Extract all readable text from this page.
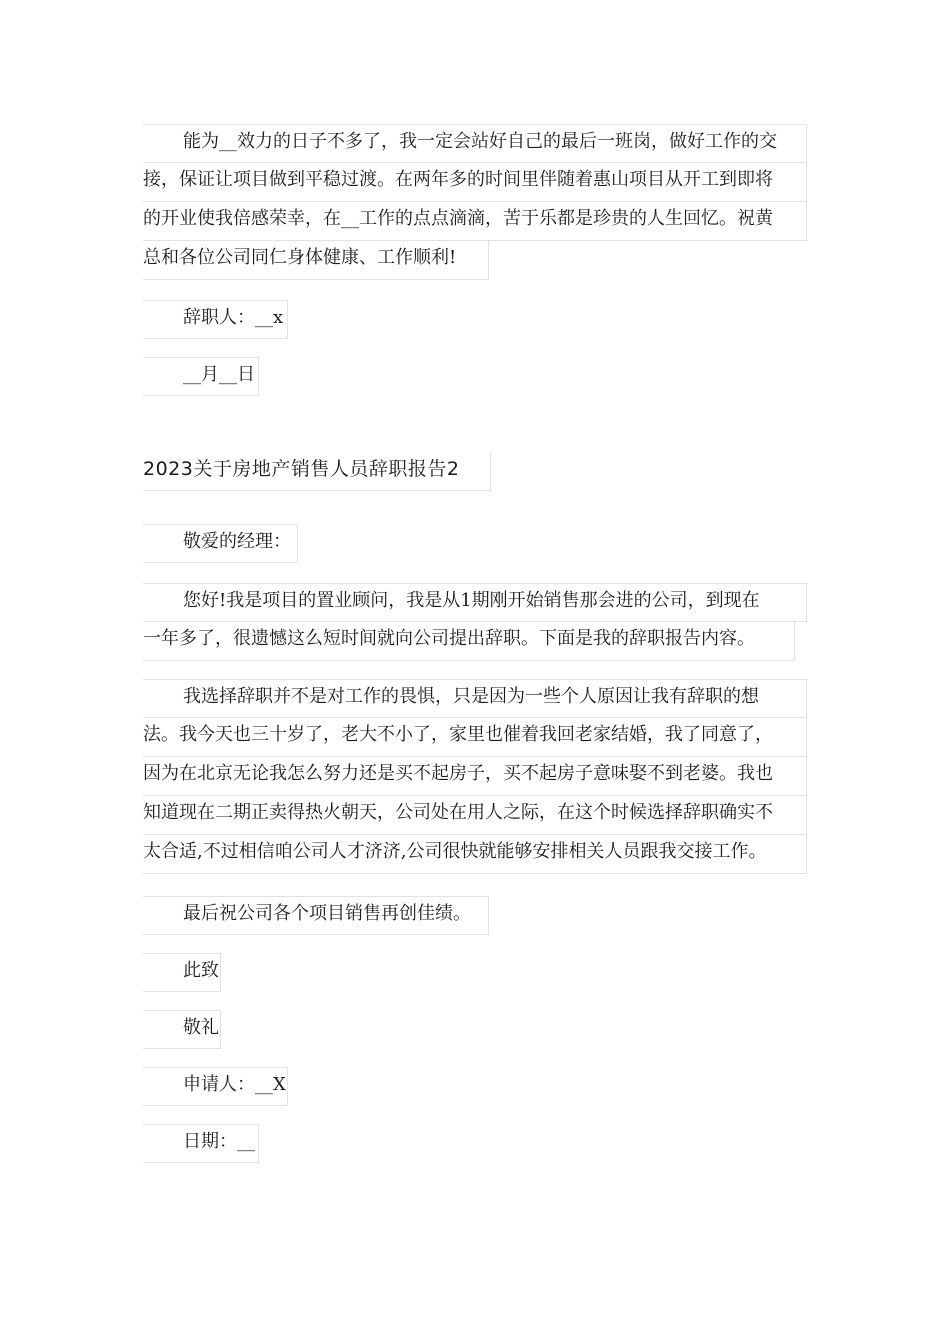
能为__效力的日子不多了，我一定会站好自己的最后一班岗，做好工作的交
接，保证让项目做到平稳过渡。在两年多的时间里伴随着惠山项目从开工到即将
的开业使我倍感荣幸，在__工作的点点滴滴，苦于乐都是珍贵的人生回忆。祝黄
总和各位公司同仁身体健康、工作顺利!
辞职人：__x
__月__日
2023关于房地产销售人员辞职报告2
敬爱的经理：
您好!我是项目的置业顾问，我是从1期刚开始销售那会进的公司，到现在
一年多了，很遗憾这么短时间就向公司提出辞职。下面是我的辞职报告内容。
我选择辞职并不是对工作的畏惧，只是因为一些个人原因让我有辞职的想
法。我今天也三十岁了，老大不小了，家里也催着我回老家结婚，我了同意了，
因为在北京无论我怎么努力还是买不起房子，买不起房子意味娶不到老婆。我也
知道现在二期正卖得热火朝天，公司处在用人之际，在这个时候选择辞职确实不
太合适,不过相信咱公司人才济济,公司很快就能够安排相关人员跟我交接工作。
最后祝公司各个项目销售再创佳绩。
此致
敬礼
申请人：__X
日期：__
